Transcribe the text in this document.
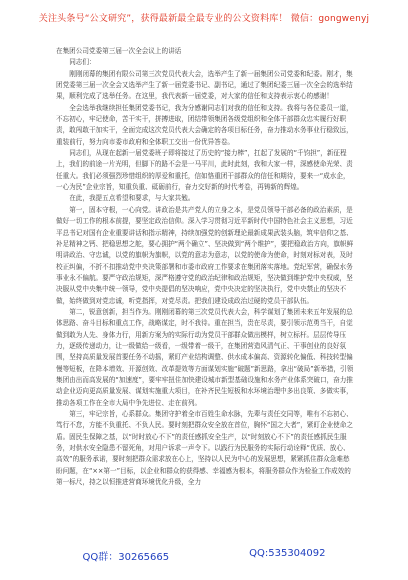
关注头条号“公文研究”，获得最新最全最专业的公文资料库！ 微信：gongwenyj

在集团公司党委第三届一次全会议上的讲话

同志们：

刚刚闭幕的集团有限公司第三次党员代表大会，选举产生了新一届集团公司党委和纪委。刚才，集团党委第三届一次全会又选举产生了新一届党委书记、副书记，通过了集团纪委三届一次全会的选举结果，顺利完成了选举任务。在这里，我代表新一届党委，对大家的信任和支持表示衷心的感谢！

全会选举我继续担任集团党委书记，我为分感谢同志们对我的信任和支持。我将与各位委员一道，不忘初心，牢记使命，苦干实干，拼搏进取，团结带领集团各级党组织和全体干部群众忠实履行好职责，敢闯敢干加实干，全面完成这次党员代表大会确定的各项目标任务，奋力推动水务事业行稳致远，重装前行，努力向市委市政府和全体职工交出一份优异答卷。

同志们，从现在起新一届党委班子即将接过了历史的“接力棒”，扛起了发展的“千钧担”，新征程上，我们的前途一片光明，但脚下的路不会是一马平川，此时此刻，我和大家一样，深感使命光荣、责任重大。我们必须强烈珍惜组织的厚爱和重托，信如恪重团干部群众的信任和期待，要来一“成水企，一心为民”企业宗旨，知重负重、砥砺前行，奋力交好新的时代考卷，再铸新的辉煌。

在此，我提五点希望和要求，与大家共勉。

第一，固本守根，一心向党。讲政治是共产党人的立身之本，是党员领导干部必备的政治素质，是做好一切工作的根本前提，要坚定政治信仰。深入学习贯彻习近平新时代中国特色社会主义思想，习近平总书记对国有企业重要讲话和指示精神，持续加强党的创新理论最新成果武装头脑，筑牢信仰之基、补足精神之钙、把稳思想之舵，要心拥护“两个确立”、坚决做到“两个维护”，要把稳政治方向，旗帜鲜明讲政治、守忠诚，以党的旗帜为旗帜，以党的意志为意志，以党的使命为使命，时刻对标对表，及时校正纠偏，不折不扣推动党中央决策部署和市委市政府工作要求在集团落实落地。党纪军营，确保水务事业永不偏航。要严守政治规矩，深严格遵守党的政治纪律和政治规矩，坚决做到维护党中央权威，坚决服从党中央集中统一领导，党中央提倡的坚决响应，党中央决定的坚决执行，党中央禁止的坚决不做，始终做到对党忠诚，听党指挥，对党尽责。把我们建设成政治过硬的党员干部队伍。

第二，锐意创新，担当作为。刚刚闭幕的第三次党员代表大会，科学谋划了集团未来五年发展的总体思路、奋斗目标和重点工作，战略谋定，时不我待。重在担当，贵在尽责，要引领示范勇当干，自觉做到敢为人先、身体力行，用新方案为的实际行动为党员干部群众做出模样，树立标杆。层层传导压力，逐级传递动力，让一级做给一级看，一级带着一级干，在集团营造风清气正、干事创业的良好氛围，坚持高质量发展首要任务不动摇，紧盯产业结构调整、供水成本偏高、资源转化偏低、科技转型偏慢等短板，在降本增效、开源创效、改革提效等方面谋划实施“破题”新思路，拿出“破局”新举措，引领集团由出而高发展的“加速度”，要牢牢扭住加快建设城市新型基础设施和水务产业体系突破口，奋力推动企业迈向更高质量发展、谋划实施重大项目，在补齐民生短板和水环境治理中多出良策、多做实事，推动各项工作在全市大局中争先进位、走在前列。

第三，牢记宗旨，心系群众。集团守护着全市百姓生命水脉，先辈与责任交同等，唯有不忘初心、笃行不怠，方能不负重托、不负人民。要时刻把群众安全放在首位，胸怀“国之大者”，紧盯企业使命之盾。固民生保障之基，以“时时放心不下”的责任感抓安全生产，以“时刻放心不下”的责任感抓民生服务，对供水安全隐患不留死角，对用户诉求一声令下。以践行为民服务的实际行动诠释“优质、放心、高效”的服务承诺，要时刻把群众需求放在心上，坚持以人民为中心的发展思想，紧紧抓住群众急难愁盼问题，在“××第一”目标，以企业和群众的获得感、幸福感为根本，将服务群众作为检验工作成效的第一标尺，持之以恒推进营商环境优化升级，全力

QQ群：30265665	QQ:535304092
